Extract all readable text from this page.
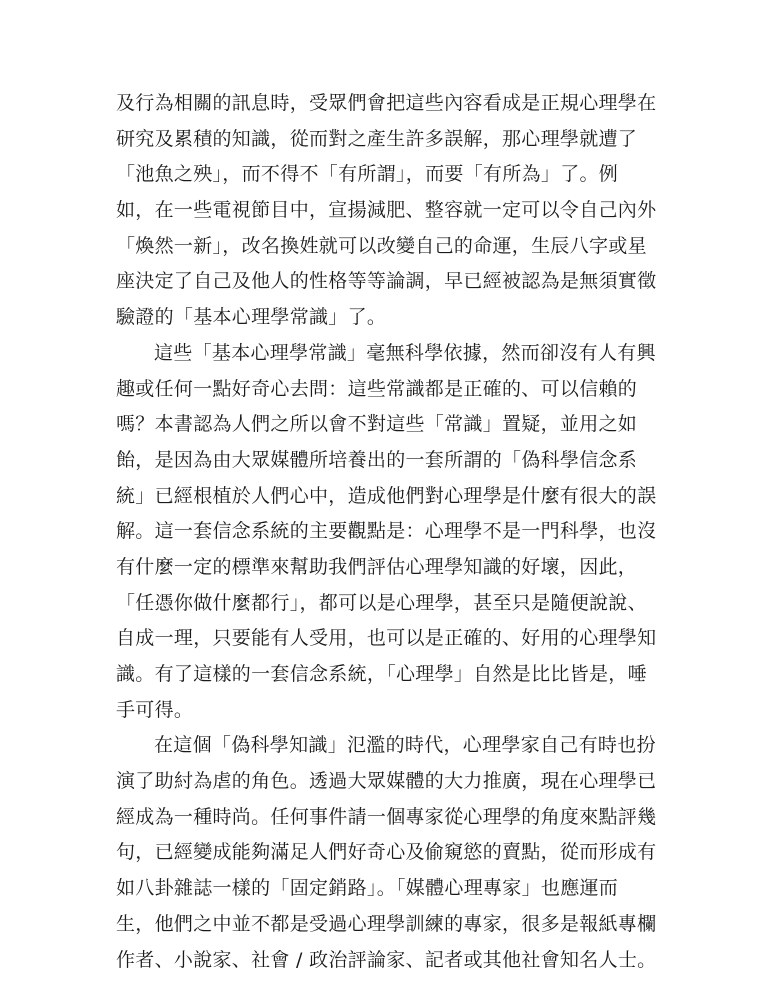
及行為相關的訊息時，受眾們會把這些內容看成是正規心理學在
研究及累積的知識，從而對之產生許多誤解，那心理學就遭了
「池魚之殃」，而不得不「有所謂」，而要「有所為」了。例
如，在一些電視節目中，宣揚減肥、整容就一定可以令自己內外
「煥然一新」，改名換姓就可以改變自己的命運，生辰八字或星
座決定了自己及他人的性格等等論調，早已經被認為是無須實徵
驗證的「基本心理學常識」了。
這些「基本心理學常識」毫無科學依據，然而卻沒有人有興
趣或任何一點好奇心去問：這些常識都是正確的、可以信賴的
嗎？本書認為人們之所以會不對這些「常識」置疑，並用之如
飴，是因為由大眾媒體所培養出的一套所謂的「偽科學信念系
統」已經根植於人們心中，造成他們對心理學是什麼有很大的誤
解。這一套信念系統的主要觀點是：心理學不是一門科學，也沒
有什麼一定的標準來幫助我們評估心理學知識的好壞，因此，
「任憑你做什麼都行」，都可以是心理學，甚至只是隨便說說、
自成一理，只要能有人受用，也可以是正確的、好用的心理學知
識。有了這樣的一套信念系統，「心理學」自然是比比皆是，唾
手可得。
在這個「偽科學知識」氾濫的時代，心理學家自己有時也扮
演了助紂為虐的角色。透過大眾媒體的大力推廣，現在心理學已
經成為一種時尚。任何事件請一個專家從心理學的角度來點評幾
句，已經變成能夠滿足人們好奇心及偷窺慾的賣點，從而形成有
如八卦雜誌一樣的「固定銷路」。「媒體心理專家」也應運而
生，他們之中並不都是受過心理學訓練的專家，很多是報紙專欄
作者、小說家、社會 / 政治評論家、記者或其他社會知名人士。
